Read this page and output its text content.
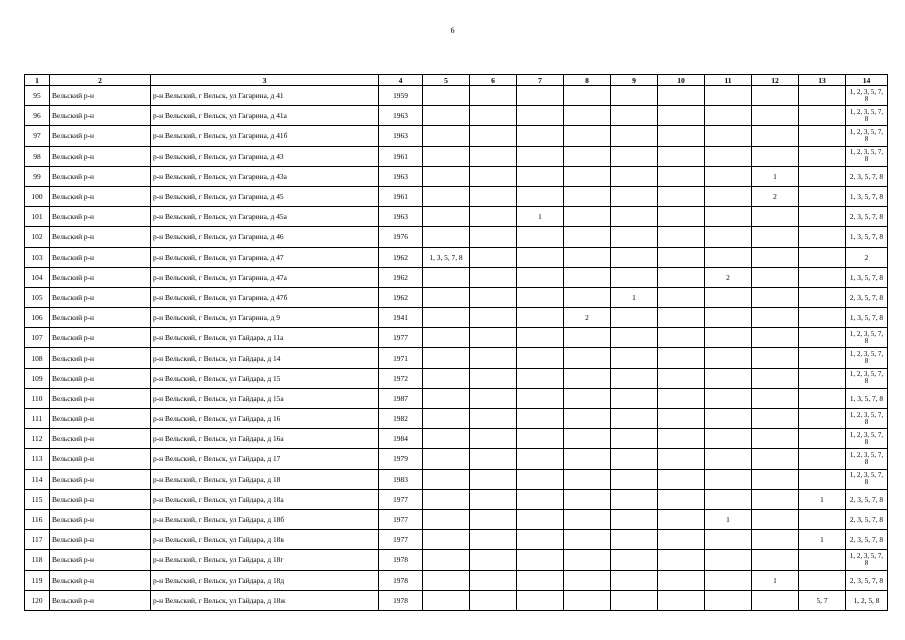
6
1	2	3	4	5	6	7	8	9	10	11	12	13	14
95	Вельский р-н	р-н Вельский, г Вельск, ул Гагарина, д 41	1959										1, 2, 3, 5, 7, 8
96	Вельский р-н	р-н Вельский, г Вельск, ул Гагарина, д 41а	1963										1, 2, 3, 5, 7, 8
97	Вельский р-н	р-н Вельский, г Вельск, ул Гагарина, д 41б	1963										1, 2, 3, 5, 7, 8
98	Вельский р-н	р-н Вельский, г Вельск, ул Гагарина, д 43	1961										1, 2, 3, 5, 7, 8
99	Вельский р-н	р-н Вельский, г Вельск, ул Гагарина, д 43а	1963								1		2, 3, 5, 7, 8
100	Вельский р-н	р-н Вельский, г Вельск, ул Гагарина, д 45	1961								2		1, 3, 5, 7, 8
101	Вельский р-н	р-н Вельский, г Вельск, ул Гагарина, д 45а	1963			1							2, 3, 5, 7, 8
102	Вельский р-н	р-н Вельский, г Вельск, ул Гагарина, д 46	1976										1, 3, 5, 7, 8
103	Вельский р-н	р-н Вельский, г Вельск, ул Гагарина, д 47	1962	1, 3, 5, 7, 8									2
104	Вельский р-н	р-н Вельский, г Вельск, ул Гагарина, д 47а	1962							2			1, 3, 5, 7, 8
105	Вельский р-н	р-н Вельский, г Вельск, ул Гагарина, д 47б	1962					1					2, 3, 5, 7, 8
106	Вельский р-н	р-н Вельский, г Вельск, ул Гагарина, д 9	1941				2						1, 3, 5, 7, 8
107	Вельский р-н	р-н Вельский, г Вельск, ул Гайдара, д 11а	1977										1, 2, 3, 5, 7, 8
108	Вельский р-н	р-н Вельский, г Вельск, ул Гайдара, д 14	1971										1, 2, 3, 5, 7, 8
109	Вельский р-н	р-н Вельский, г Вельск, ул Гайдара, д 15	1972										1, 2, 3, 5, 7, 8
110	Вельский р-н	р-н Вельский, г Вельск, ул Гайдара, д 15а	1987										1, 3, 5, 7, 8
111	Вельский р-н	р-н Вельский, г Вельск, ул Гайдара, д 16	1982										1, 2, 3, 5, 7, 8
112	Вельский р-н	р-н Вельский, г Вельск, ул Гайдара, д 16а	1984										1, 2, 3, 5, 7, 8
113	Вельский р-н	р-н Вельский, г Вельск, ул Гайдара, д 17	1979										1, 2, 3, 5, 7, 8
114	Вельский р-н	р-н Вельский, г Вельск, ул Гайдара, д 18	1983										1, 2, 3, 5, 7, 8
115	Вельский р-н	р-н Вельский, г Вельск, ул Гайдара, д 18а	1977									1	2, 3, 5, 7, 8
116	Вельский р-н	р-н Вельский, г Вельск, ул Гайдара, д 18б	1977							1			2, 3, 5, 7, 8
117	Вельский р-н	р-н Вельский, г Вельск, ул Гайдара, д 18в	1977									1	2, 3, 5, 7, 8
118	Вельский р-н	р-н Вельский, г Вельск, ул Гайдара, д 18г	1978										1, 2, 3, 5, 7, 8
119	Вельский р-н	р-н Вельский, г Вельск, ул Гайдара, д 18д	1978								1		2, 3, 5, 7, 8
120	Вельский р-н	р-н Вельский, г Вельск, ул Гайдара, д 18ж	1978									5, 7	1, 2, 5, 8
